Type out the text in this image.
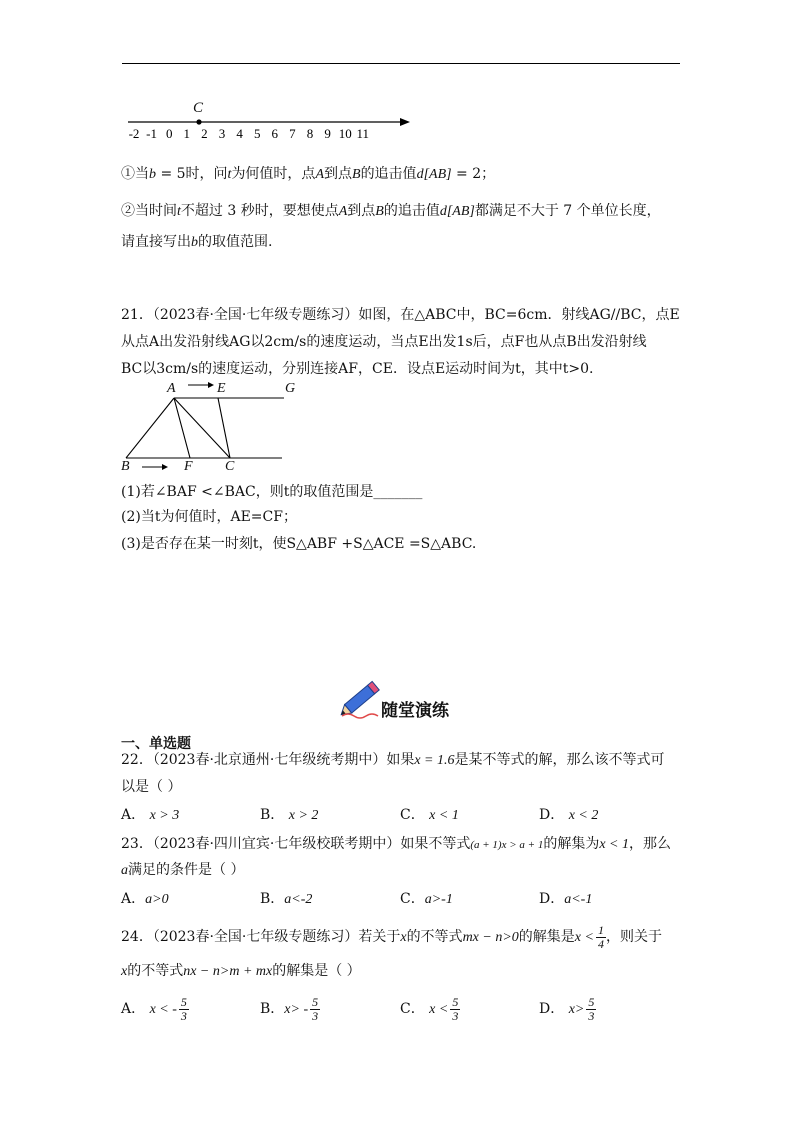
-2 -1 0 1 2 3 4 5 6 7 8 9 10 11
C
①当b = 5时，问t为何值时，点A到点B的追击值d[AB] = 2；
②当时间t不超过 3 秒时，要想使点A到点B的追击值d[AB]都满足不大于 7 个单位长度，
请直接写出b的取值范围.
21．（2023春·全国·七年级专题练习）如图，在△ABC中，BC=6cm．射线AG//BC，点E
从点A出发沿射线AG以2cm/s的速度运动，当点E出发1s后，点F也从点B出发沿射线
BC以3cm/s的速度运动，分别连接AF，CE．设点E运动时间为t，其中t>0.
A	E	G
B	F C
(1)若∠BAF <∠BAC，则t的取值范围是_______
(2)当t为何值时，AE=CF；
(3)是否存在某一时刻t，使S△ABF +S△ACE =S△ABC.
随堂演练
一、单选题
22．（2023春·北京通州·七年级统考期中）如果x = 1.6是某不等式的解，那么该不等式可
以是（ ）
A． x > 3	B． x > 2	C． x < 1	D． x < 2
23．（2023春·四川宜宾·七年级校联考期中）如果不等式(a + 1)x > a + 1的解集为x < 1，那么
a满足的条件是（ ）
A．a>0	B．a<-2	C．a>-1	D．a<-1
24．（2023春·全国·七年级专题练习）若关于x的不等式mx − n>0的解集是$x < \frac{1}{4}$ ，则关于
x的不等式nx − n>m + mx的解集是（ ）
A． x < - $\frac{5}{3}$	B．$x> - \frac{5}{3}$	C． $x < \frac{5}{3}$	D． $x> \frac{5}{3}$
